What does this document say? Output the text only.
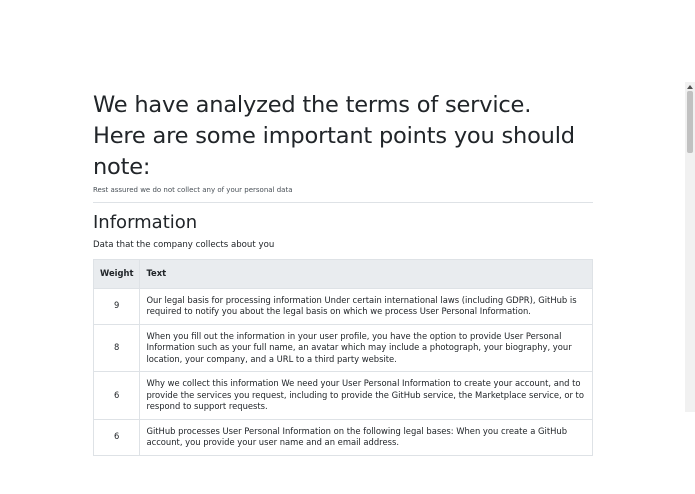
We have analyzed the terms of service.
Here are some important points you should note:
Rest assured we do not collect any of your personal data
Information
Data that the company collects about you
Weight	Text
9	Our legal basis for processing information Under certain international laws (including GDPR), GitHub is required to notify you about the legal basis on which we process User Personal Information.
8	When you fill out the information in your user profile, you have the option to provide User Personal Information such as your full name, an avatar which may include a photograph, your biography, your location, your company, and a URL to a third party website.
6	Why we collect this information We need your User Personal Information to create your account, and to provide the services you request, including to provide the GitHub service, the Marketplace service, or to respond to support requests.
6	GitHub processes User Personal Information on the following legal bases: When you create a GitHub account, you provide your user name and an email address.
